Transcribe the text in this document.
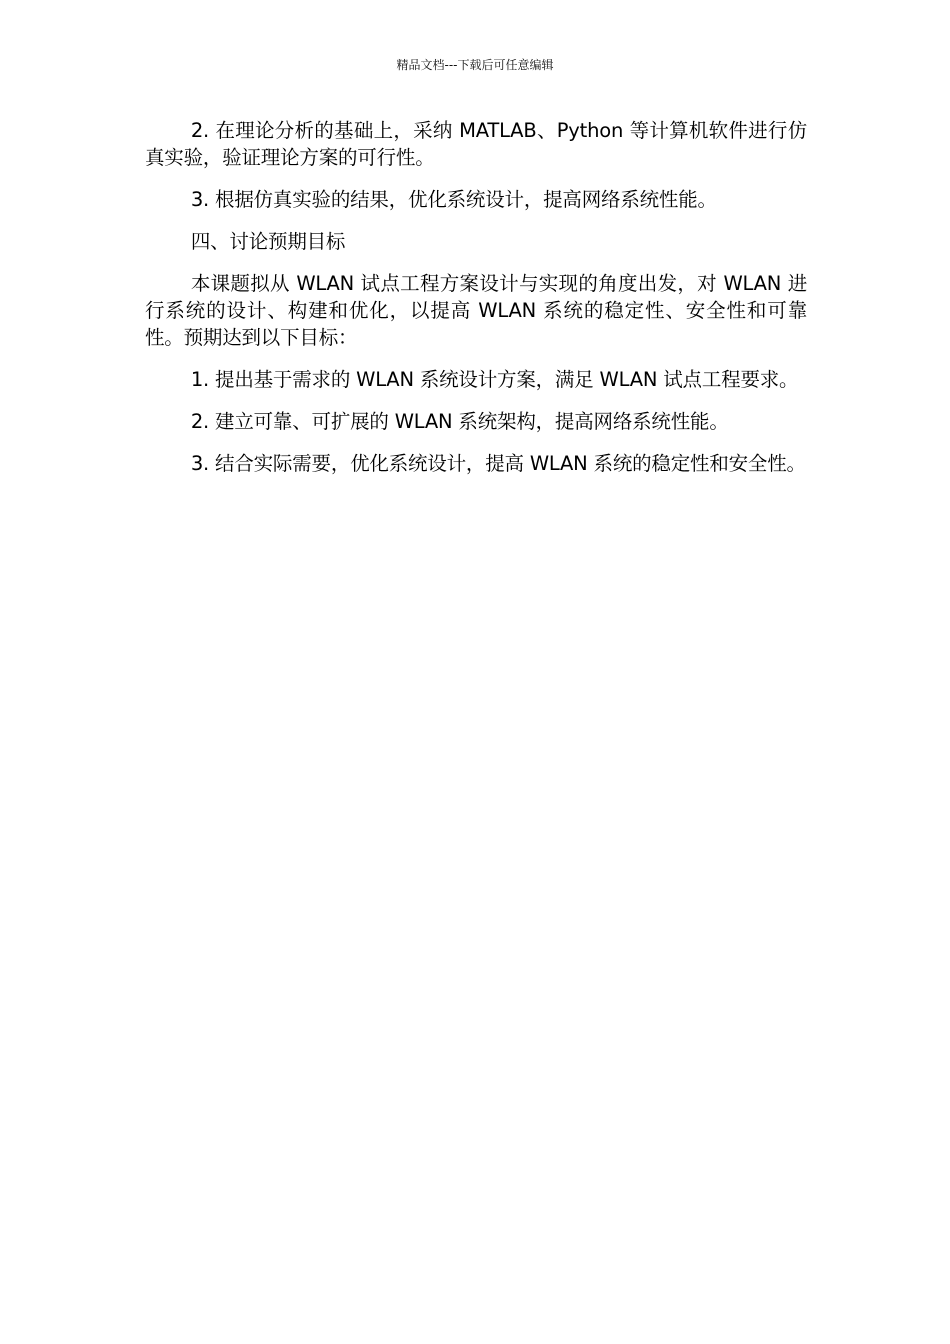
精品文档---下载后可任意编辑

2. 在理论分析的基础上，采纳 MATLAB、Python 等计算机软件进行仿真实验，验证理论方案的可行性。

3. 根据仿真实验的结果，优化系统设计，提高网络系统性能。

四、讨论预期目标

本课题拟从 WLAN 试点工程方案设计与实现的角度出发，对 WLAN 进行系统的设计、构建和优化，以提高 WLAN 系统的稳定性、安全性和可靠性。预期达到以下目标：

1. 提出基于需求的 WLAN 系统设计方案，满足 WLAN 试点工程要求。

2. 建立可靠、可扩展的 WLAN 系统架构，提高网络系统性能。

3. 结合实际需要，优化系统设计，提高 WLAN 系统的稳定性和安全性。
